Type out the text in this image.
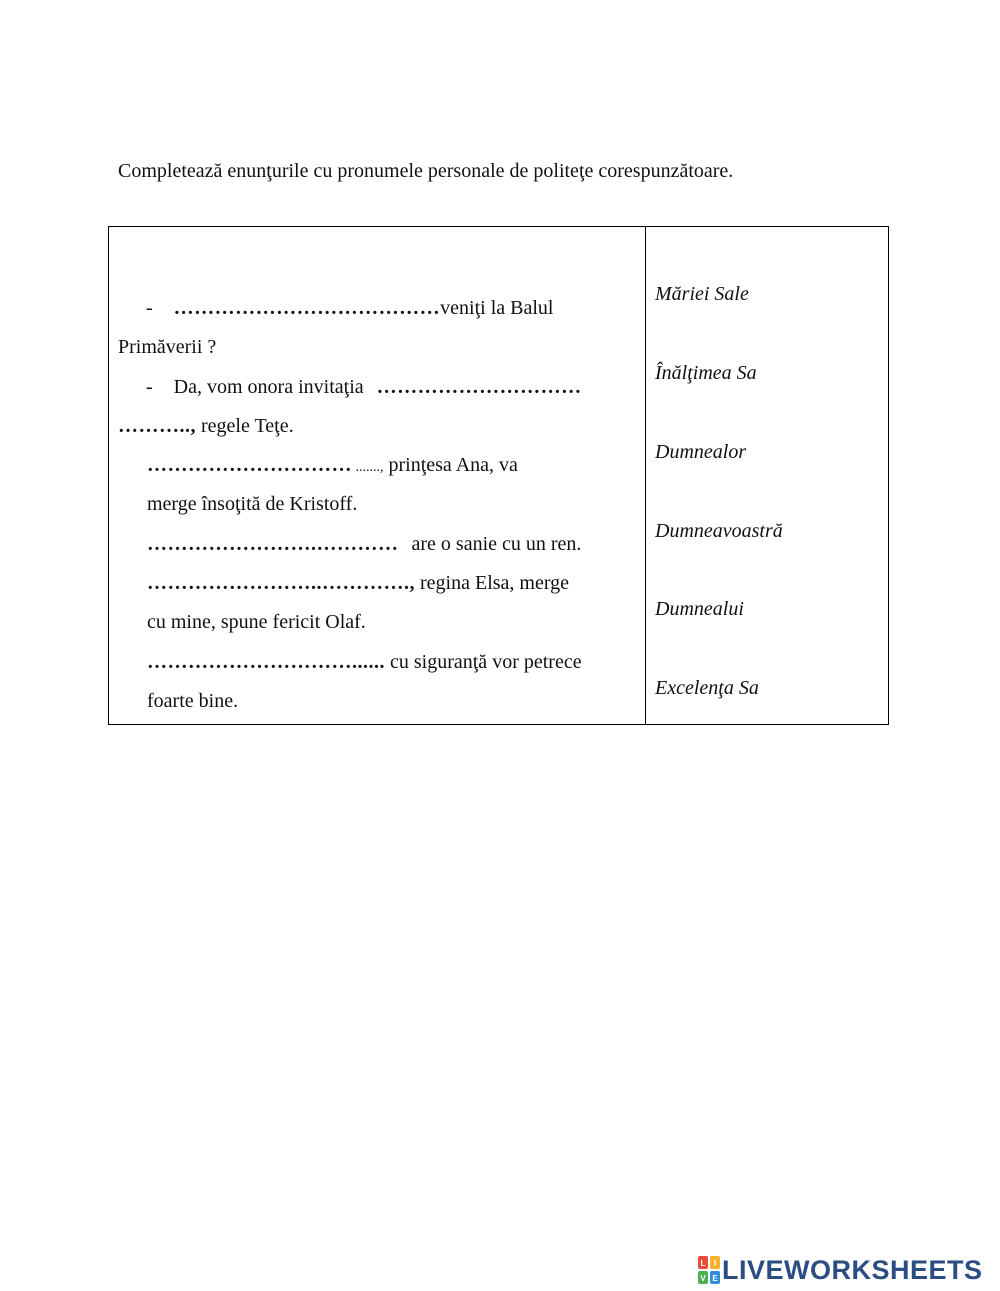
Completează enunţurile cu pronumele personale de politeţe corespunzătoare.
- …………………………………veniţi la Balul
Primăverii ?
- Da, vom onora invitaţia …………………………
……….., regele Teţe.
………………………… ......., prinţesa Ana, va
merge însoţită de Kristoff.
…………………….………… are o sanie cu un ren.
……………………..…………., regina Elsa, merge
cu mine, spune fericit Olaf.
…………………………...... cu siguranţă vor petrece
foarte bine.
Măriei Sale
Înălţimea Sa
Dumnealor
Dumneavoastră
Dumnealui
Excelenţa Sa
L I
V E LIVEWORKSHEETS
